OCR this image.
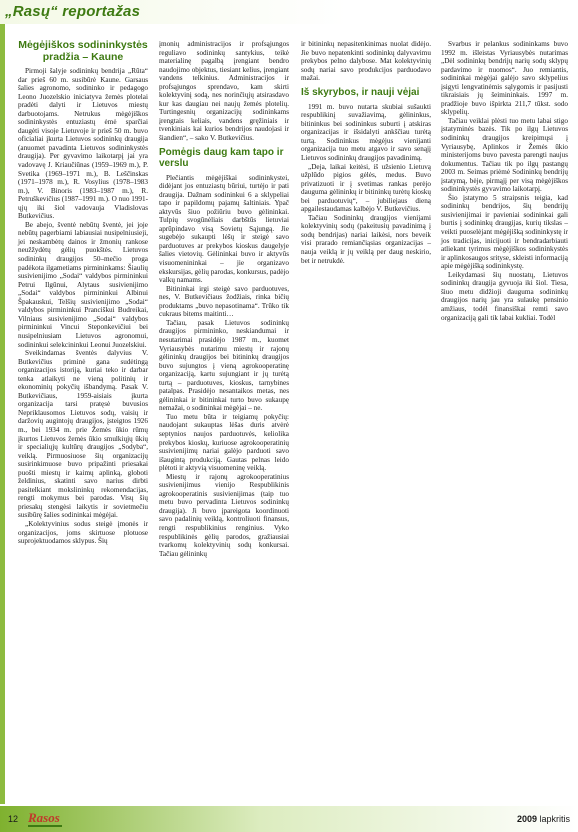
„Rasų“ reportažas
Mėgėjiškos sodininkystės pradžia – Kaune

Pirmoji šalyje sodininkų bendrija „Rūta“ dar prieš 60 m. susibūrė Kaune. Garsaus šalies agronomo, sodininko ir pedagogo Leono Juozelskio iniciatyva žemės plotelai pradėti dalyti ir Lietuvos miestų darbuotojams. Netrukus mėgėjiškos sodininkystės entuziastų ėmė sparčiai daugėti visoje Lietuvoje ir prieš 50 m. buvo oficialiai įkurta Lietuvos sodininkų draugija (anuomet pavadinta Lietuvos sodininkystės draugija). Per gyvavimo laikotarpį jai yra vadovavę J. Kriaučiūnas (1959–1969 m.), P. Svetika (1969–1971 m.), B. Leščinskas (1971–1978 m.), R. Vosylius (1978–1983 m.), V. Binoris (1983–1987 m.), R. Petruškevičius (1987–1991 m.). O nuo 1991-ųjų iki šiol vadovauja Vladislovas Butkevičius.

Be abejo, šventė nebūtų šventė, jei joje nebūtų pagerbiami labiausiai nusipelniusieji, jei neskambėtų dainos ir žmonių rankose neužžydėtų gėlių puokštės. Lietuvos sodininkų draugijos 50–mečio proga padėkota ilgametiams pirmininkams: Šiaulių susivienijimo „Sodai“ valdybos pirmininkui Petrui Ilgūnui, Alytaus susivienijimo „Sodai“ valdybos pirmininkui Albinui Špakauskui, Telšių susivienijimo „Sodai“ valdybos pirmininkui Pranciškui Budreikai, Vilniaus susivienijimo „Sodai“ valdybos pirmininkui Vincui Steponkevičiui bei nusipelniusiam Lietuvos agronomui, sodininkui selekcininkui Leonui Juozelskiui.

Sveikindamas šventės dalyvius V. Butkevičius priminė gana sudėtingą organizacijos istoriją, kuriai teko ir darbar tenka atlaikyti ne vieną politinių ir ekonominių pokyčių išbandymą. Pasak V. Butkevičiaus, 1959-aisiais įkurta organizacija tarsi pratęsė buvusios Nepriklausomos Lietuvos sodų, vaisių ir daržovių augintojų draugijos, įsteigtos 1926 m., bei 1934 m. prie Žemės ūkio rūmų įkurtos Lietuvos žemės ūkio smulkiųjų ūkių ir specialiųjų kultūrų draugijos „Sodyba“, veiklą. Pirmuosiuose šių organizacijų susirinkimuose buvo pripažinti priesakai puošti miestų ir kaimų aplinką, globoti želdinius, skatinti savo narius dirbti pasitelkiant mokslininkų rekomendacijas, rengti mokymus bei parodas. Visų šių priesakų stengėsi laikytis ir sovietmečiu susibūrę šalies sodininkai mėgėjai.

„Kolektyvinius sodus steigė įmonės ir organizacijos, joms skirtuose plotuose suprojektuodamos sklypus. Šių

įmonių administracijos ir profsąjungos reguliavo sodininkų santykius, teikė materialinę pagalbą įrengiant bendro naudojimo objektus, tiesiant kelius, įrengiant vandens telkinius. Administracijos ir profsąjungos sprendavo, kam skirti kolektyvinį sodą, nes norinčiųjų atsirasdavo kur kas daugiau nei naujų žemės plotelių. Turtingesnių organizacijų sodininkams įrengtais keliais, vandens gręžiniais ir tvenkiniais kai kurios bendrijos naudojasi ir šiandien“, – sako V. Butkevičius.

Pomėgis daug kam tapo ir verslu

Plečiantis mėgėjiškai sodininkystei, didėjant jos entuziastų būriui, turtėjo ir pati draugija. Dažnam sodininkui 6 a sklypeliai tapo ir papildomų pajamų šaltiniais. Ypač aktyvūs šiuo požiūriu buvo gėlininkai. Tulpių svogūnėliais darbštūs lietuviai aprūpindavo visą Sovietų Sąjungą. Jie sugebėjo sukaupti lėšų ir steigė savo parduotuves ar prekybos kioskus daugelyje šalies vietovių. Gėlininkai buvo ir aktyvūs visuomenininkai – jie organizavo ekskursijas, gėlių parodas, konkursus, padėjo valkų namams.

Bitininkai irgi steigė savo parduotuves, nes, V. Butkevičiaus žodžiais, rinka bičių produktams „buvo nepasotinama“. Trūko tik cukraus bitems maitinti…

Tačiau, pasak Lietuvos sodininkų draugijos pirmininko, neskiandumai ir nesutarimai prasidėjo 1987 m., kuomet Vyriausybės nutarimu miestų ir rajonų gėlininkų draugijos bei bitininkų draugijos buvo sujungtos į vieną agrokooperatinę organizaciją, kartu sujungiant ir jų turėtą turtą – parduotuves, kioskus, tarnybines patalpas. Prasidėjo nesantaikos metas, nes gėlininkai ir bitininkai turto buvo sukaupę nemažai, o sodininkai mėgėjai – ne.

Tuo metu būta ir teigiamų pokyčių: naudojant sukauptas lėšas duris atvėrė septynios naujos parduotuvės, keliolika prekybos kioskų, kuriuose agrokooperatinių susivienijimų nariai galėjo parduoti savo išaugintą produkciją. Gautas pelnas leido plėtoti ir aktyvią visuomeninę veiklą.

Miestų ir rajonų agrokooperatinius susivienijimus vienijo Respublikinis agrokooperatinis susivienijimas (taip tuo metu buvo pervadinta Lietuvos sodininkų draugija). Ji buvo įpareigota koordinuoti savo padalinių veiklą, kontroliuoti finansus, rengti respublikinius renginius. Vyko respublikinės gėlių parodos, gražiausiai tvarkomų kolektyvinių sodų konkursai. Tačiau gėlininkų

ir bitininkų nepasitenkinimas nuolat didėjo. Jie buvo nepatenkinti sodininkų dalyvavimu prekybos pelno dalybose. Mat kolektyvinių sodų nariai savo produkcijos parduodavo mažai.

Iš skyrybos, ir nauji vėjai

1991 m. buvo nutarta skubiai sušaukti respublikinį suvažiavimą, gėlininkus, bitininkus bei sodininkus suburti į atskiras organizacijas ir išsidalyti ankščiau turėtą turtą. Sodininkus mėgėjus vienijanti organizacija tuo metu atgavo ir savo senąjį Lietuvos sodininkų draugijos pavadinimą.

„Deja, laikai keitėsi, iš užsienio Lietuvą užplūdo pigios gėlės, medus. Buvo privatizuoti ir į svetimas rankas perėjo dauguma gėlininkų ir bitininkų turėtų kioskų bei parduotuvių“, – jubiliejaus dieną apgailestaudamas kalbėjo V. Butkevičius.

Tačiau Sodininkų draugijos vienijami kolektyvinių sodų (pakeitusių pavadinimą į sodų bendrijas) nariai laikėsi, nors beveik visi prarado remiančiąsias organizacijas – nauja veiklą ir jų veiklą per daug neskiriо, bet ir netrukdė.

Svarbus ir pelankus sodininkams buvo 1992 m. išleistas Vyriausybės nutarimas „Dėl sodininkų bendrijų narių sodų sklypų pardavimo ir nuomos“. Juo remiantis, sodininkai mėgėjai galėjo savo sklypelius įsigyti lengvatinėmis sąlygomis ir pasijusti tikraisiais jų šeimininkais. 1997 m. pradžioje buvo išpirkta 211,7 tūkst. sodo sklypelių.

Tačiau veiklai plėsti tuo metu labai stigo įstatyminės bazės. Tik po ilgų Lietuvos sodininkų draugijos kreipimųsi į Vyriausybę, Aplinkos ir Žemės ūkio ministerijoms buvo pavesta parengti naujus dokumentus. Tačiau tik po ilgų pastangų 2003 m. Seimas priėmė Sodininkų bendrijų įstatymą, bėje, pirmąjį per visą mėgėjiškos sodininkystės gyvavimo laikotarpį.

Šio įstatymo 5 straipsnis teigia, kad sodininkų bendrijos, šių bendrijų susivienijimai ir pavieniai sodininkai gali burtis į sodininkų draugijas, kurių tikslas – veikti puoselėjant mėgėjišką sodininkystę ir jos tradicijas, inicijuoti ir bendradarbiauti atliekant tyrimus mėgėjiškos sodininkystės ir aplinkosaugos srityse, skleisti informaciją apie mėgėjišką sodininkystę.

Leikydamasi šių nuostatų, Lietuvos sodininkų draugija gyvuoja iki šiol. Tiesa, šiuo metu didžioji dauguma sodininkų draugijos narių jau yra sulaukę pensinio amžiaus, todėl finansiškai remti savo organizaciją gali tik labai kukliai. Todėl

12 Rasos	2009 lapkritis
